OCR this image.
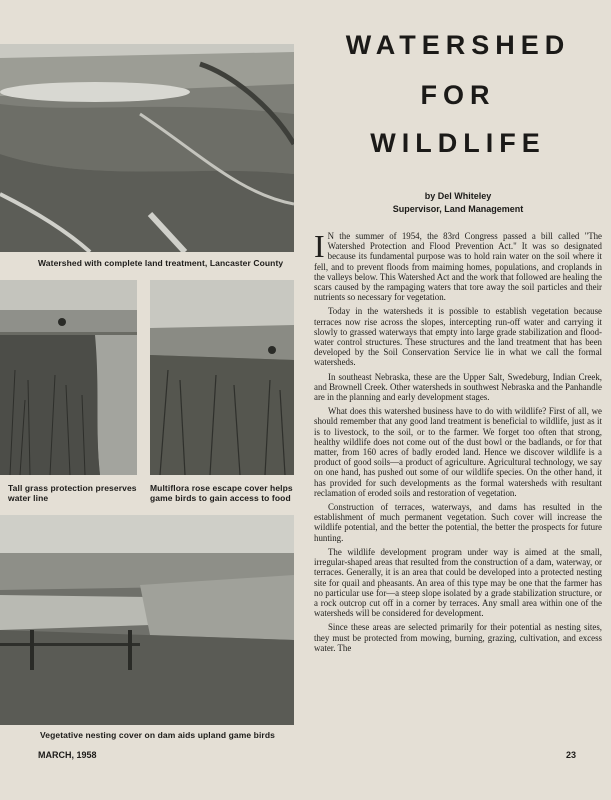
Watershed with complete land treatment, Lancaster County
Tall grass protection preserves water line
Multiflora rose escape cover helps game birds to gain access to food
Vegetative nesting cover on dam aids upland game birds
WATERSHED
FOR
WILDLIFE
by Del Whiteley
Supervisor, Land Management

I N the summer of 1954, the 83rd Congress passed a bill called "The Watershed Protection and Flood Prevention Act." It was so designated because its fundamental purpose was to hold rain water on the soil where it fell, and to prevent floods from maiming homes, populations, and croplands in the valleys below. This Watershed Act and the work that followed are healing the scars caused by the rampaging waters that tore away the soil particles and their nutrients so necessary for vegetation.

Today in the watersheds it is possible to establish vegetation because terraces now rise across the slopes, intercepting run-off water and carrying it slowly to grassed waterways that empty into large grade stabilization and flood-water control structures. These structures and the land treatment that has been developed by the Soil Conservation Service lie in what we call the formal watersheds.

In southeast Nebraska, these are the Upper Salt, Swedeburg, Indian Creek, and Brownell Creek. Other watersheds in southwest Nebraska and the Panhandle are in the planning and early development stages.

What does this watershed business have to do with wildlife? First of all, we should remember that any good land treatment is beneficial to wildlife, just as it is to livestock, to the soil, or to the farmer. We forget too often that strong, healthy wildlife does not come out of the dust bowl or the badlands, or for that matter, from 160 acres of badly eroded land. Hence we discover wildlife is a product of good soils—a product of agriculture. Agricultural technology, we say on one hand, has pushed out some of our wildlife species. On the other hand, it has provided for such developments as the formal watersheds with resultant reclamation of eroded soils and restoration of vegetation.

Construction of terraces, waterways, and dams has resulted in the establishment of much permanent vegetation. Such cover will increase the wildlife potential, and the better the potential, the better the prospects for future hunting.

The wildlife development program under way is aimed at the small, irregular-shaped areas that resulted from the construction of a dam, waterway, or terraces. Generally, it is an area that could be developed into a protected nesting site for quail and pheasants. An area of this type may be one that the farmer has no particular use for—a steep slope isolated by a grade stabilization structure, or a rock outcrop cut off in a corner by terraces. Any small area within one of the watersheds will be considered for development.

Since these areas are selected primarily for their potential as nesting sites, they must be protected from mowing, burning, grazing, cultivation, and excess water. The

MARCH, 1958	23
